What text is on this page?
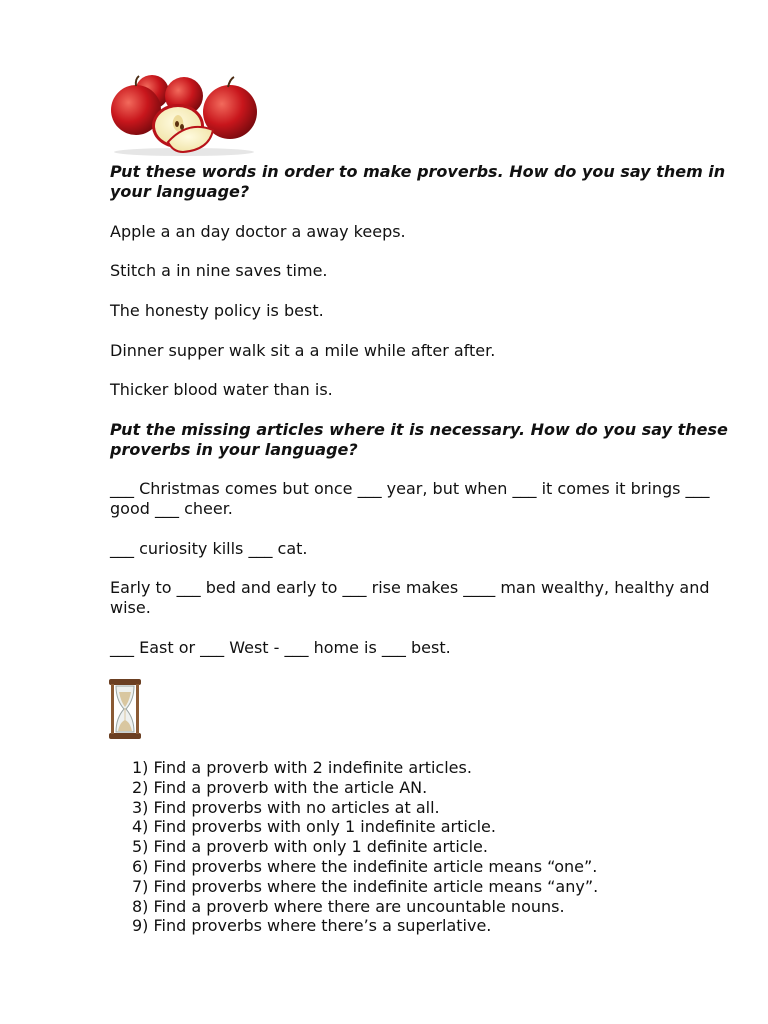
Put these words in order to make proverbs. How do you say them in your language?

Apple a an day doctor a away keeps.

Stitch a in nine saves time.

The honesty policy is best.

Dinner supper walk sit a a mile while after after.

Thicker blood water than is.

Put the missing articles where it is necessary. How do you say these proverbs in your language?

___ Christmas comes but once ___ year, but when ___ it comes it brings ___ good ___ cheer.

___ curiosity kills ___ cat.

Early to ___ bed and early to ___ rise makes ____ man wealthy, healthy and wise.

___ East or ___ West - ___ home is ___ best.

1) Find a proverb with 2 indefinite articles.
2) Find a proverb with the article AN.
3) Find proverbs with no articles at all.
4) Find proverbs with only 1 indefinite article.
5) Find a proverb with only 1 definite article.
6) Find proverbs where the indefinite article means “one”.
7) Find proverbs where the indefinite article means “any”.
8) Find a proverb where there are uncountable nouns.
9) Find proverbs where there’s a superlative.
